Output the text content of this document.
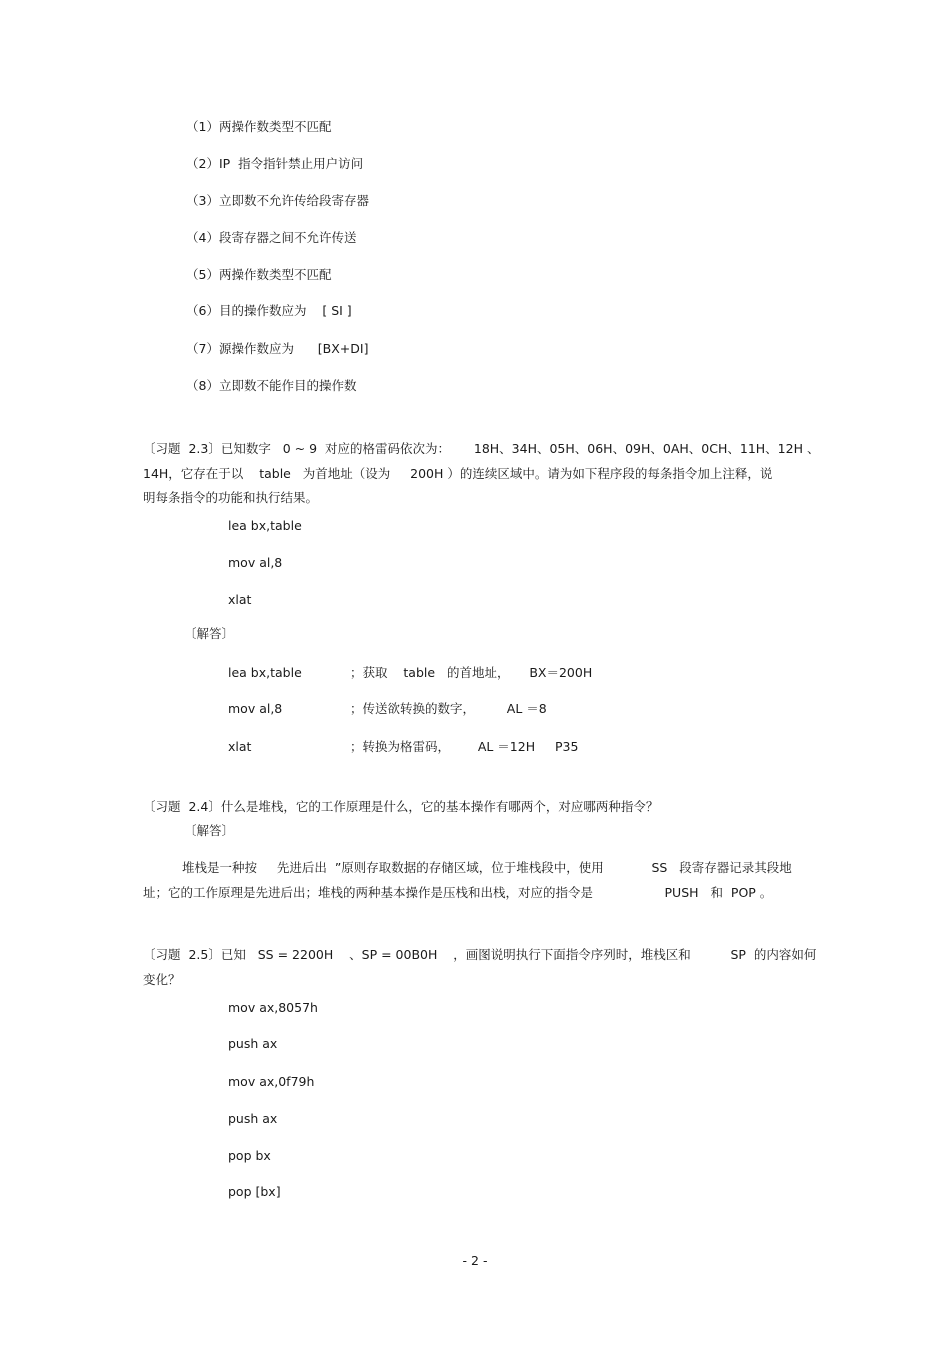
（1）两操作数类型不匹配
（2）IP  指令指针禁止用户访问
（3）立即数不允许传给段寄存器
（4）段寄存器之间不允许传送
（5）两操作数类型不匹配
（6）目的操作数应为    [ SI ]
（7）源操作数应为      [BX+DI]
（8）立即数不能作目的操作数
〔习题  2.3〕已知数字   0 ~ 9  对应的格雷码依次为：      18H、34H、05H、06H、09H、0AH、0CH、11H、12H 、
14H，它存在于以    table   为首地址（设为     200H ）的连续区域中。请为如下程序段的每条指令加上注释，说
明每条指令的功能和执行结果。
lea bx,table
mov al,8
xlat
〔解答〕
lea bx,table	；获取    table   的首地址，     BX＝200H
mov al,8	；传送欲转换的数字，        AL ＝8
xlat	；转换为格雷码，       AL ＝12H     P35
〔习题  2.4〕什么是堆栈，它的工作原理是什么，它的基本操作有哪两个，对应哪两种指令？
〔解答〕
堆栈是一种按     先进后出  ”原则存取数据的存储区域，位于堆栈段中，使用            SS   段寄存器记录其段地
址；它的工作原理是先进后出；堆栈的两种基本操作是压栈和出栈，对应的指令是                  PUSH   和  POP 。
〔习题  2.5〕已知   SS = 2200H    、SP = 00B0H    ，画图说明执行下面指令序列时，堆栈区和          SP  的内容如何
变化？
mov ax,8057h
push ax
mov ax,0f79h
push ax
pop bx
pop [bx]
- 2 -
